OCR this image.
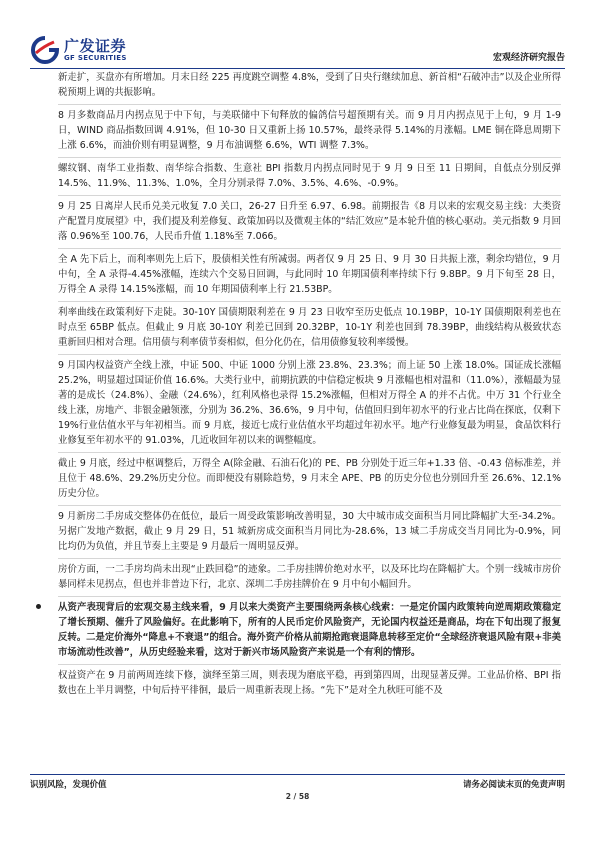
广发证券
GF SECURITIES	宏观经济研究报告

新走扩，买盘亦有所增加。月末日经 225 再度跳空调整 4.8%，受到了日央行继续加息、新首相“石破冲击”以及企业所得税预期上调的共振影响。

8 月多数商品月内拐点见于中下旬，与美联储中下旬释放的偏鸽信号超预期有关。而 9 月月内拐点见于上旬，9 月 1-9 日，WIND 商品指数回调 4.91%，但 10-30 日又重新上扬 10.57%，最终录得 5.14%的月涨幅。LME 铜在降息周期下上涨 6.6%，而油价则有明显调整，9 月布油调整 6.6%，WTI 调整 7.3%。

螺纹钢、南华工业指数、南华综合指数、生意社 BPI 指数月内拐点同时见于 9 月 9 日至 11 日期间，自低点分别反弹 14.5%、11.9%、11.3%、1.0%，全月分别录得 7.0%、3.5%、4.6%、-0.9%。

9 月 25 日离岸人民币兑美元收复 7.0 关口，26-27 日升至 6.97、6.98。前期报告《8 月以来的宏观交易主线：大类资产配置月度展望》中，我们提及利差修复、政策加码以及微观主体的“结汇效应”是本轮升值的核心驱动。美元指数 9 月回落 0.96%至 100.76，人民币升值 1.18%至 7.066。

全 A 先下后上，而利率则先上后下，股债相关性有所减弱。两者仅 9 月 25 日、9 月 30 日共振上涨，剩余均错位，9 月中旬，全 A 录得-4.45%涨幅，连续六个交易日回调，与此同时 10 年期国债利率持续下行 9.8BP。9 月下旬至 28 日，万得全 A 录得 14.15%涨幅，而 10 年期国债利率上行 21.53BP。

利率曲线在政策利好下走陡。30-10Y 国债期限利差在 9 月 23 日收窄至历史低点 10.19BP，10-1Y 国债期限利差也在时点至 65BP 低点。但截止 9 月底 30-10Y 利差已回到 20.32BP，10-1Y 利差也回到 78.39BP，曲线结构从极致状态重新回归相对合理。信用债与利率债节奏相似，但分化仍在，信用债修复较利率缓慢。

9 月国内权益资产全线上涨，中证 500、中证 1000 分别上涨 23.8%、23.3%；而上证 50 上涨 18.0%。国证成长涨幅 25.2%，明显超过国证价值 16.6%。大类行业中，前期抗跌的中信稳定板块 9 月涨幅也相对温和（11.0%），涨幅最为显著的是成长（24.8%）、金融（24.6%），红利风格也录得 15.2%涨幅，但相对万得全 A 的并不占优。中万 31 个行业全线上涨，房地产、非银金融领涨，分别为 36.2%、36.6%，9 月中旬，估值回归到年初水平的行业占比尚在探底，仅剩下 19%行业估值水平与年初相当。而 9 月底，接近七成行业估值水平均超过年初水平。地产行业修复最为明显，食品饮料行业修复至年初水平的 91.03%，几近收回年初以来的调整幅度。

截止 9 月底，经过中枢调整后，万得全 A(除金融、石油石化)的 PE、PB 分别处于近三年+1.33 倍、-0.43 倍标准差，并且位于 48.6%、29.2%历史分位。而即便没有剔除趋势，9 月末全 APE、PB 的历史分位也分别回升至 26.6%、12.1%历史分位。

9 月新房二手房成交整体仍在低位，最后一周受政策影响改善明显，30 大中城市成交面积当月同比降幅扩大至-34.2%。另据广发地产数据，截止 9 月 29 日，51 城新房成交面积当月同比为-28.6%，13 城二手房成交当月同比为-0.9%，同比均仍为负值，并且节奏上主要是 9 月最后一周明显反弹。

房价方面，一二手房均尚未出现“止跌回稳”的迹象。二手房挂牌价绝对水平，以及环比均在降幅扩大。个别一线城市房价暴同样未见拐点，但也并非普边下行，北京、深圳二手房挂牌价在 9 月中旬小幅回升。

从资产表现背后的宏观交易主线来看，9 月以来大类资产主要围绕两条核心线索：一是定价国内政策转向逆周期政策稳定了增长预期、催升了风险偏好。在此影响下，所有的人民币定价风险资产，无论国内权益还是商品，均在下旬出现了报复反转。二是定价海外“降息+不衰退”的组合。海外资产价格从前期抢跑衰退降息转移至定价“全球经济衰退风险有限+非美市场流动性改善”，从历史经验来看，这对于新兴市场风险资产来说是一个有利的情形。

权益资产在 9 月前两周连续下修，演绎至第三周，则表现为磨底平稳，再到第四周，出现显著反弹。工业品价格、BPI 指数也在上半月调整，中旬后持平徘徊，最后一周重新表现上扬。“先下”是对全九秋旺可能不及

识别风险，发现价值	请务必阅读末页的免责声明
2 / 58
